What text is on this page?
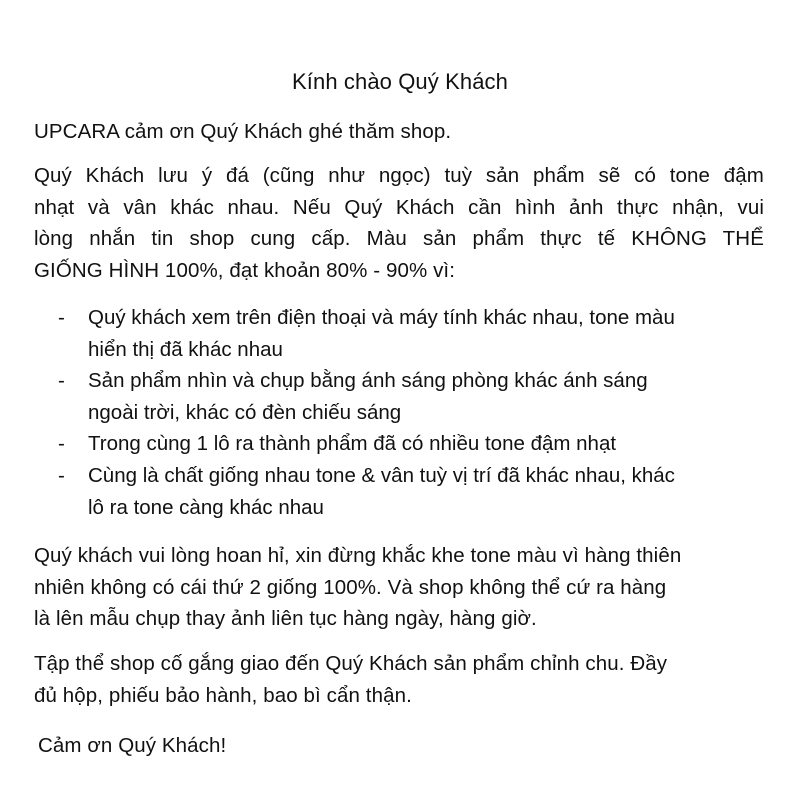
Kính chào Quý Khách

UPCARA cảm ơn Quý Khách ghé thăm shop.

Quý Khách lưu ý đá (cũng như ngọc) tuỳ sản phẩm sẽ có tone đậm
nhạt và vân khác nhau. Nếu Quý Khách cần hình ảnh thực nhận, vui
lòng nhắn tin shop cung cấp. Màu sản phẩm thực tế KHÔNG THỂ
GIỐNG HÌNH 100%, đạt khoản 80% - 90% vì:

-	Quý khách xem trên điện thoại và máy tính khác nhau, tone màu
hiển thị đã khác nhau
-	Sản phẩm nhìn và chụp bằng ánh sáng phòng khác ánh sáng
ngoài trời, khác có đèn chiếu sáng
-	Trong cùng 1 lô ra thành phẩm đã có nhiều tone đậm nhạt
-	Cùng là chất giống nhau tone & vân tuỳ vị trí đã khác nhau, khác
lô ra tone càng khác nhau

Quý khách vui lòng hoan hỉ, xin đừng khắc khe tone màu vì hàng thiên
nhiên không có cái thứ 2 giống 100%. Và shop không thể cứ ra hàng
là lên mẫu chụp thay ảnh liên tục hàng ngày, hàng giờ.

Tập thể shop cố gắng giao đến Quý Khách sản phẩm chỉnh chu. Đầy
đủ hộp, phiếu bảo hành, bao bì cẩn thận.

Cảm ơn Quý Khách!
